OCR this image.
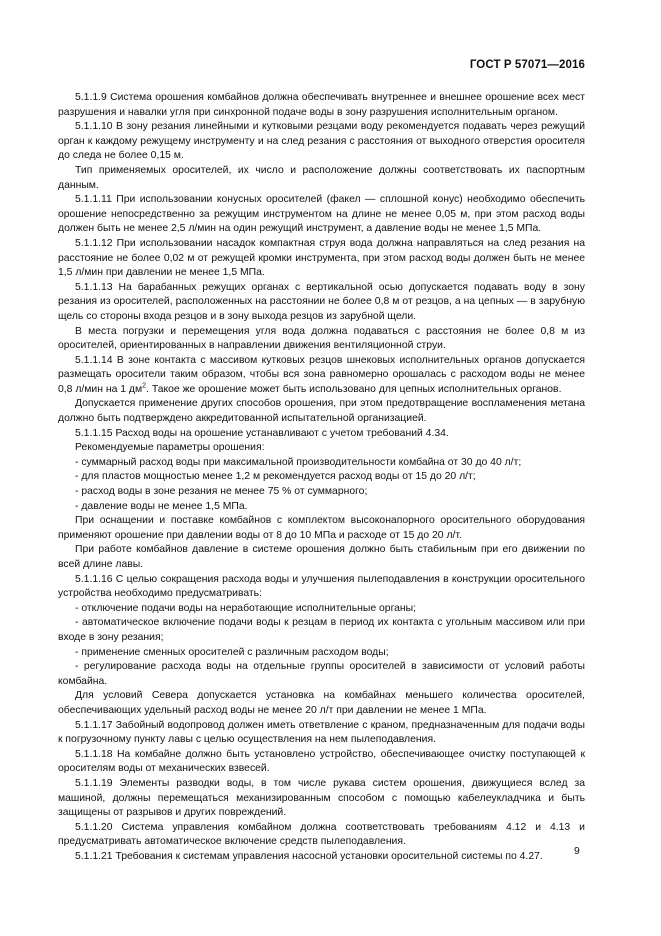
ГОСТ Р 57071—2016

5.1.1.9 Система орошения комбайнов должна обеспечивать внутреннее и внешнее орошение всех мест разрушения и навалки угля при синхронной подаче воды в зону разрушения исполнительным органом.

5.1.1.10 В зону резания линейными и кутковыми резцами воду рекомендуется подавать через режущий орган к каждому режущему инструменту и на след резания с расстояния от выходного отверстия оросителя до следа не более 0,15 м.

Тип применяемых оросителей, их число и расположение должны соответствовать их паспортным данным.

5.1.1.11 При использовании конусных оросителей (факел — сплошной конус) необходимо обеспечить орошение непосредственно за режущим инструментом на длине не менее 0,05 м, при этом расход воды должен быть не менее 2,5 л/мин на один режущий инструмент, а давление воды не менее 1,5 МПа.

5.1.1.12 При использовании насадок компактная струя вода должна направляться на след резания на расстояние не более 0,02 м от режущей кромки инструмента, при этом расход воды должен быть не менее 1,5 л/мин при давлении не менее 1,5 МПа.

5.1.1.13 На барабанных режущих органах с вертикальной осью допускается подавать воду в зону резания из оросителей, расположенных на расстоянии не более 0,8 м от резцов, а на цепных — в зарубную щель со стороны входа резцов и в зону выхода резцов из зарубной щели.

В места погрузки и перемещения угля вода должна подаваться с расстояния не более 0,8 м из оросителей, ориентированных в направлении движения вентиляционной струи.

5.1.1.14 В зоне контакта с массивом кутковых резцов шнековых исполнительных органов допускается размещать оросители таким образом, чтобы вся зона равномерно орошалась с расходом воды не менее 0,8 л/мин на 1 $дм^2$. Такое же орошение может быть использовано для цепных исполнительных органов.

Допускается применение других способов орошения, при этом предотвращение воспламенения метана должно быть подтверждено аккредитованной испытательной организацией.

5.1.1.15 Расход воды на орошение устанавливают с учетом требований 4.34.

Рекомендуемые параметры орошения:

- суммарный расход воды при максимальной производительности комбайна от 30 до 40 л/т;

- для пластов мощностью менее 1,2 м рекомендуется расход воды от 15 до 20 л/т;

- расход воды в зоне резания не менее 75 % от суммарного;

- давление воды не менее 1,5 МПа.

При оснащении и поставке комбайнов с комплектом высоконапорного оросительного оборудования применяют орошение при давлении воды от 8 до 10 МПа и расходе от 15 до 20 л/т.

При работе комбайнов давление в системе орошения должно быть стабильным при его движении по всей длине лавы.

5.1.1.16 С целью сокращения расхода воды и улучшения пылеподавления в конструкции оросительного устройства необходимо предусматривать:

- отключение подачи воды на неработающие исполнительные органы;

- автоматическое включение подачи воды к резцам в период их контакта с угольным массивом или при входе в зону резания;

- применение сменных оросителей с различным расходом воды;

- регулирование расхода воды на отдельные группы оросителей в зависимости от условий работы комбайна.

Для условий Севера допускается установка на комбайнах меньшего количества оросителей, обеспечивающих удельный расход воды не менее 20 л/т при давлении не менее 1 МПа.

5.1.1.17 Забойный водопровод должен иметь ответвление с краном, предназначенным для подачи воды к погрузочному пункту лавы с целью осуществления на нем пылеподавления.

5.1.1.18 На комбайне должно быть установлено устройство, обеспечивающее очистку поступающей к оросителям воды от механических взвесей.

5.1.1.19 Элементы разводки воды, в том числе рукава систем орошения, движущиеся вслед за машиной, должны перемещаться механизированным способом с помощью кабелеукладчика и быть защищены от разрывов и других повреждений.

5.1.1.20 Система управления комбайном должна соответствовать требованиям 4.12 и 4.13 и предусматривать автоматическое включение средств пылеподавления.

5.1.1.21 Требования к системам управления насосной установки оросительной системы по 4.27.	9
